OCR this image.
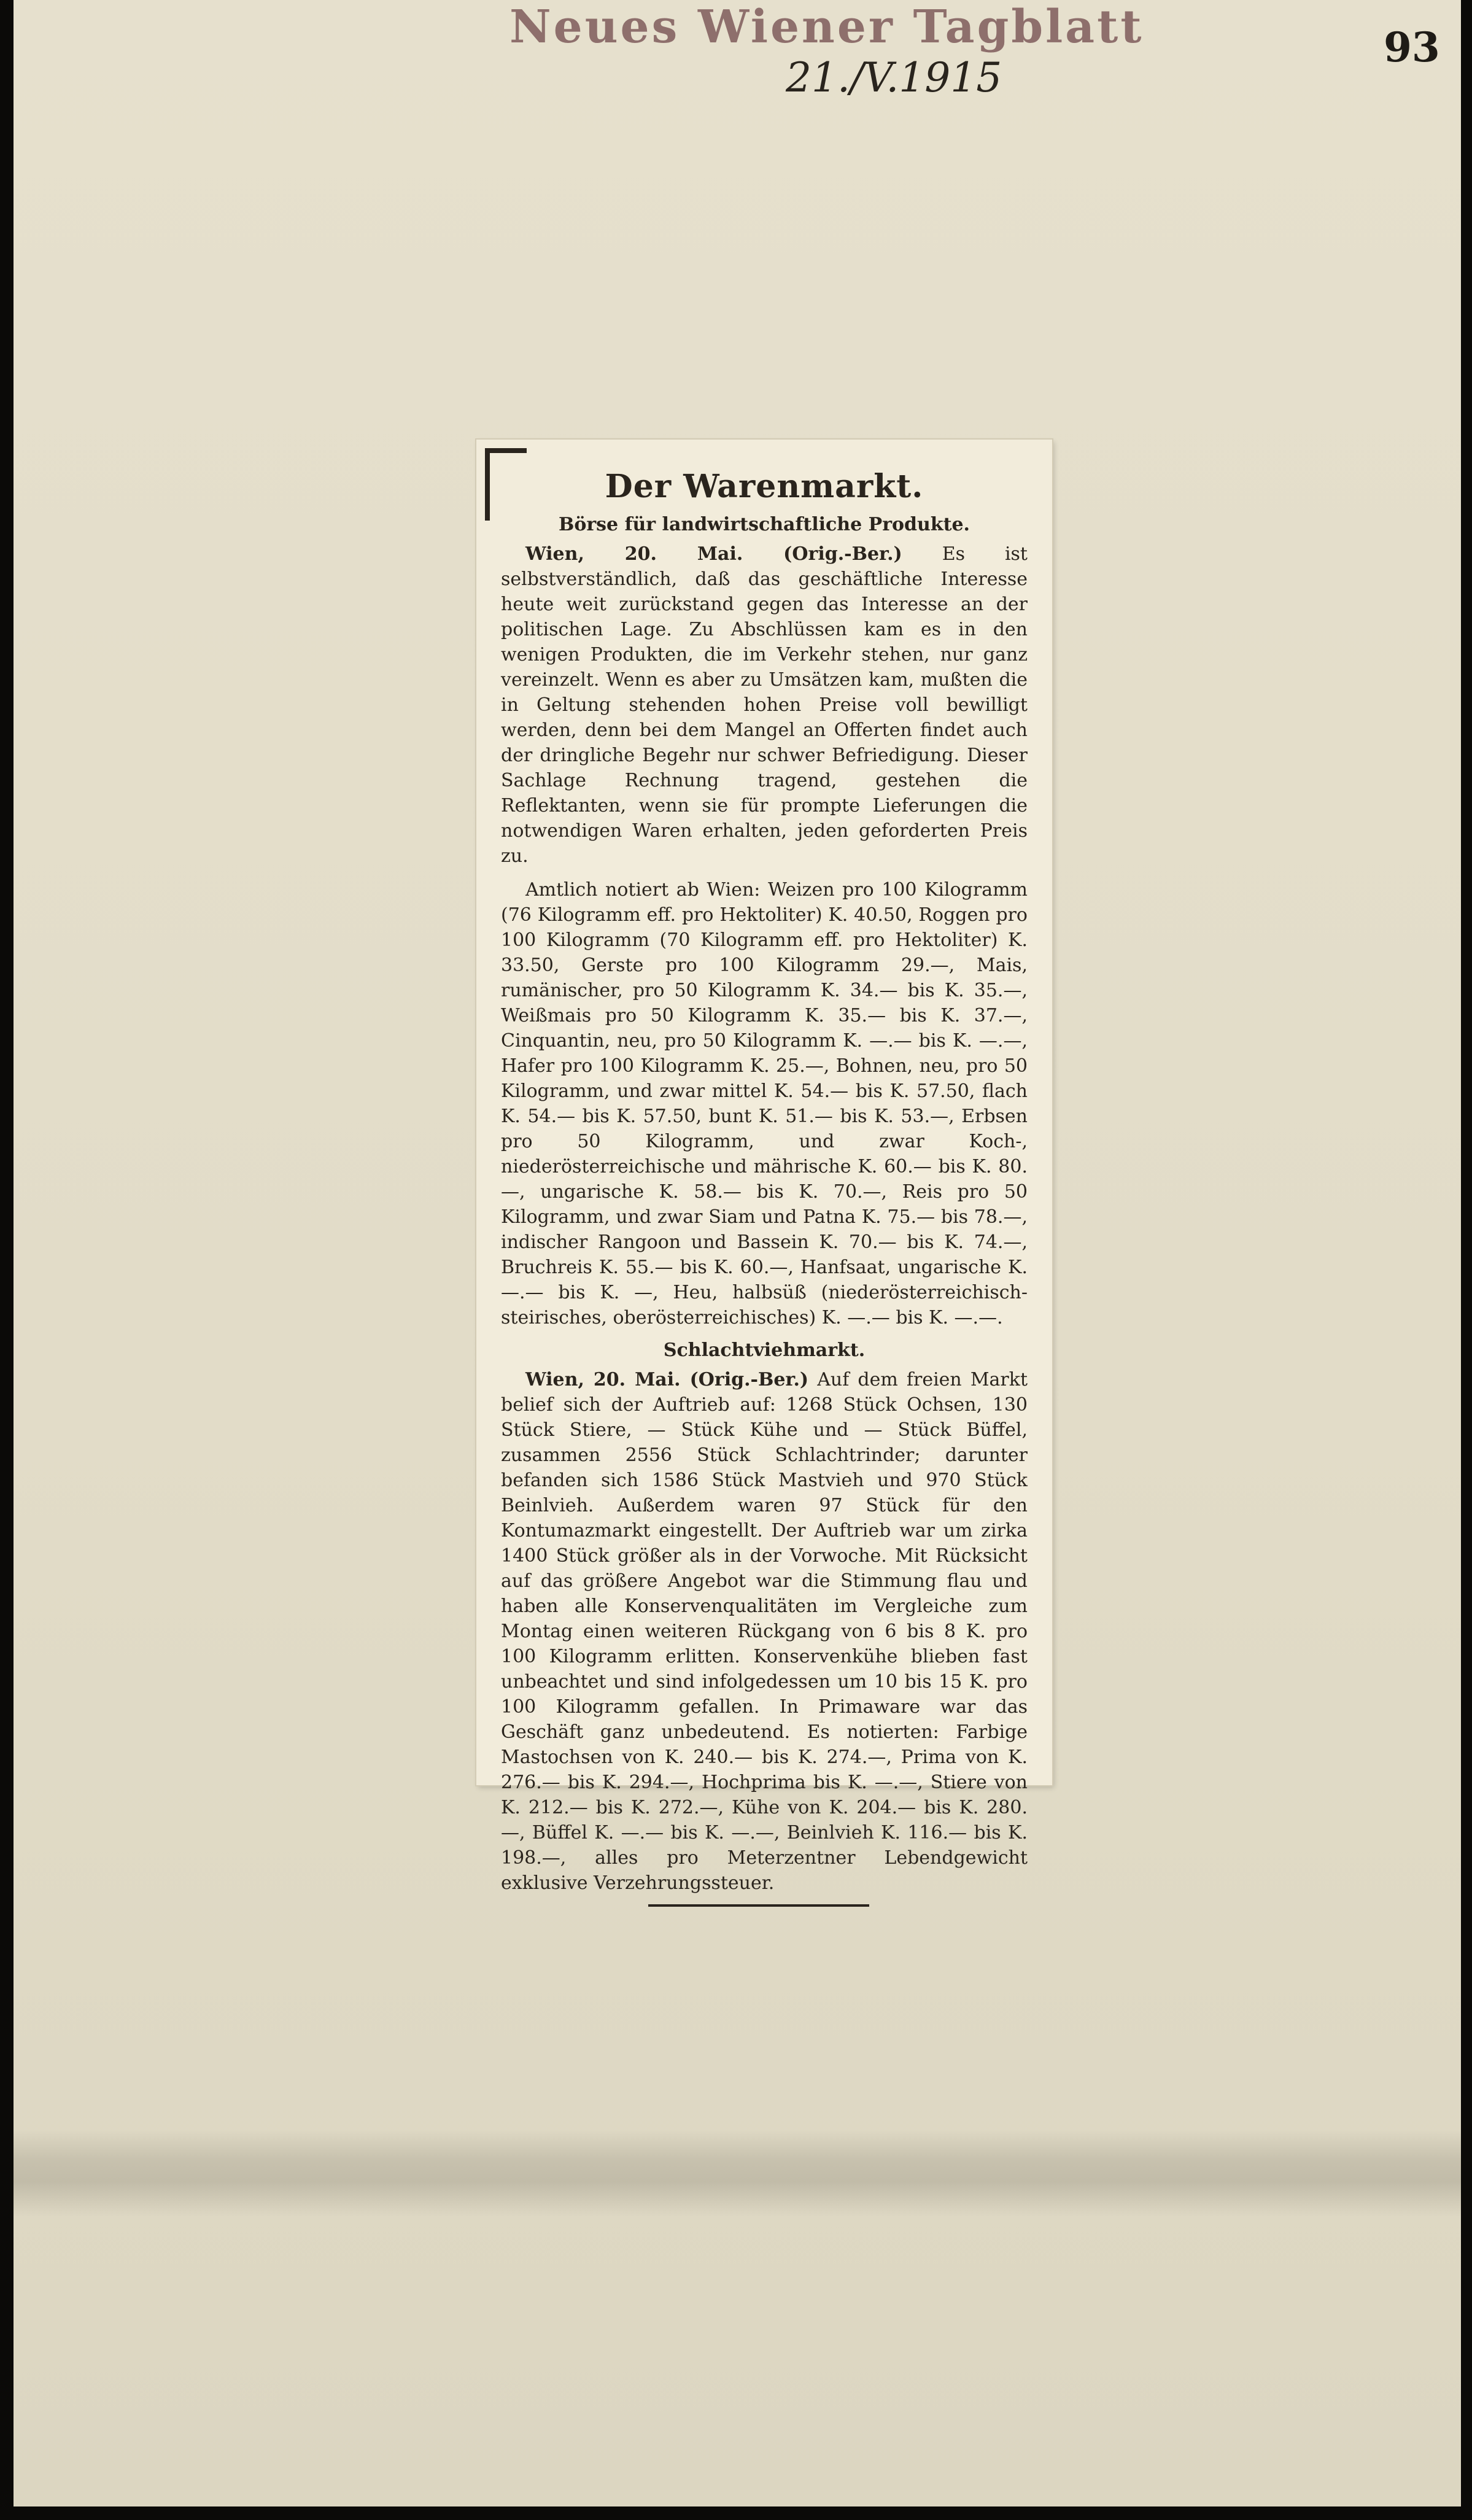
Neues Wiener Tagblatt
21./V.1915
93
Der Warenmarkt.
Börse für landwirtschaftliche Produkte.

Wien, 20. Mai. (Orig.-Ber.) Es ist selbstverständlich, daß das geschäftliche Interesse heute weit zurückstand gegen das Interesse an der politischen Lage. Zu Abschlüssen kam es in den wenigen Produkten, die im Verkehr stehen, nur ganz vereinzelt. Wenn es aber zu Umsätzen kam, mußten die in Geltung stehenden hohen Preise voll bewilligt werden, denn bei dem Mangel an Offerten findet auch der dringliche Begehr nur schwer Befriedigung. Dieser Sachlage Rechnung tragend, gestehen die Reflektanten, wenn sie für prompte Lieferungen die notwendigen Waren erhalten, jeden geforderten Preis zu.

Amtlich notiert ab Wien: Weizen pro 100 Kilogramm (76 Kilogramm eff. pro Hektoliter) K. 40.50, Roggen pro 100 Kilogramm (70 Kilogramm eff. pro Hektoliter) K. 33.50, Gerste pro 100 Kilogramm 29.—, Mais, rumänischer, pro 50 Kilogramm K. 34.— bis K. 35.—, Weißmais pro 50 Kilogramm K. 35.— bis K. 37.—, Cinquantin, neu, pro 50 Kilogramm K. —.— bis K. —.—, Hafer pro 100 Kilogramm K. 25.—, Bohnen, neu, pro 50 Kilogramm, und zwar mittel K. 54.— bis K. 57.50, flach K. 54.— bis K. 57.50, bunt K. 51.— bis K. 53.—, Erbsen pro 50 Kilogramm, und zwar Koch-, niederösterreichische und mährische K. 60.— bis K. 80.—, ungarische K. 58.— bis K. 70.—, Reis pro 50 Kilogramm, und zwar Siam und Patna K. 75.— bis 78.—, indischer Rangoon und Bassein K. 70.— bis K. 74.—, Bruchreis K. 55.— bis K. 60.—, Hanfsaat, ungarische K. —.— bis K. —, Heu, halbsüß (niederösterreichisch-steirisches, oberösterreichisches) K. —.— bis K. —.—.

Schlachtviehmarkt.

Wien, 20. Mai. (Orig.-Ber.) Auf dem freien Markt belief sich der Auftrieb auf: 1268 Stück Ochsen, 130 Stück Stiere, — Stück Kühe und — Stück Büffel, zusammen 2556 Stück Schlachtrinder; darunter befanden sich 1586 Stück Mastvieh und 970 Stück Beinlvieh. Außerdem waren 97 Stück für den Kontumazmarkt eingestellt. Der Auftrieb war um zirka 1400 Stück größer als in der Vorwoche. Mit Rücksicht auf das größere Angebot war die Stimmung flau und haben alle Konservenqualitäten im Vergleiche zum Montag einen weiteren Rückgang von 6 bis 8 K. pro 100 Kilogramm erlitten. Konservenkühe blieben fast unbeachtet und sind infolgedessen um 10 bis 15 K. pro 100 Kilogramm gefallen. In Primaware war das Geschäft ganz unbedeutend. Es notierten: Farbige Mastochsen von K. 240.— bis K. 274.—, Prima von K. 276.— bis K. 294.—, Hochprima bis K. —.—, Stiere von K. 212.— bis K. 272.—, Kühe von K. 204.— bis K. 280.—, Büffel K. —.— bis K. —.—, Beinlvieh K. 116.— bis K. 198.—, alles pro Meterzentner Lebendgewicht exklusive Verzehrungssteuer.
